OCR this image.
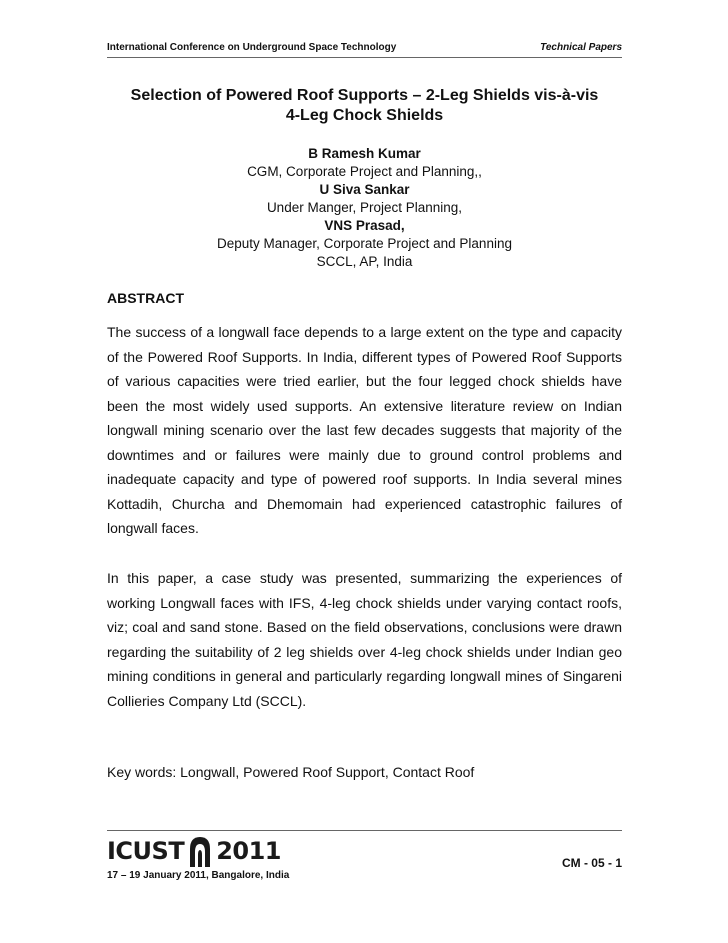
International Conference on Underground Space Technology	Technical Papers
Selection of Powered Roof Supports – 2-Leg Shields vis-à-vis
4-Leg Chock Shields
B Ramesh Kumar
CGM, Corporate Project and Planning,,
U Siva Sankar
Under Manger, Project Planning,
VNS Prasad,
Deputy Manager, Corporate Project and Planning
SCCL, AP, India
ABSTRACT
The success of a longwall face depends to a large extent on the type and capacity of the Powered Roof Supports. In India, different types of Powered Roof Supports of various capacities were tried earlier, but the four legged chock shields have been the most widely used supports. An extensive literature review on Indian longwall mining scenario over the last few decades suggests that majority of the downtimes and or failures were mainly due to ground control problems and inadequate capacity and type of powered roof supports. In India several mines Kottadih, Churcha and Dhemomain had experienced catastrophic failures of longwall faces.
In this paper, a case study was presented, summarizing the experiences of working Longwall faces with IFS, 4-leg chock shields under varying contact roofs, viz; coal and sand stone. Based on the field observations, conclusions were drawn regarding the suitability of 2 leg shields over 4-leg chock shields under Indian geo mining conditions in general and particularly regarding longwall mines of Singareni Collieries Company Ltd (SCCL).
Key words: Longwall, Powered Roof Support, Contact Roof
ICUST 2011	CM - 05 - 1
17 – 19 January 2011, Bangalore, India
